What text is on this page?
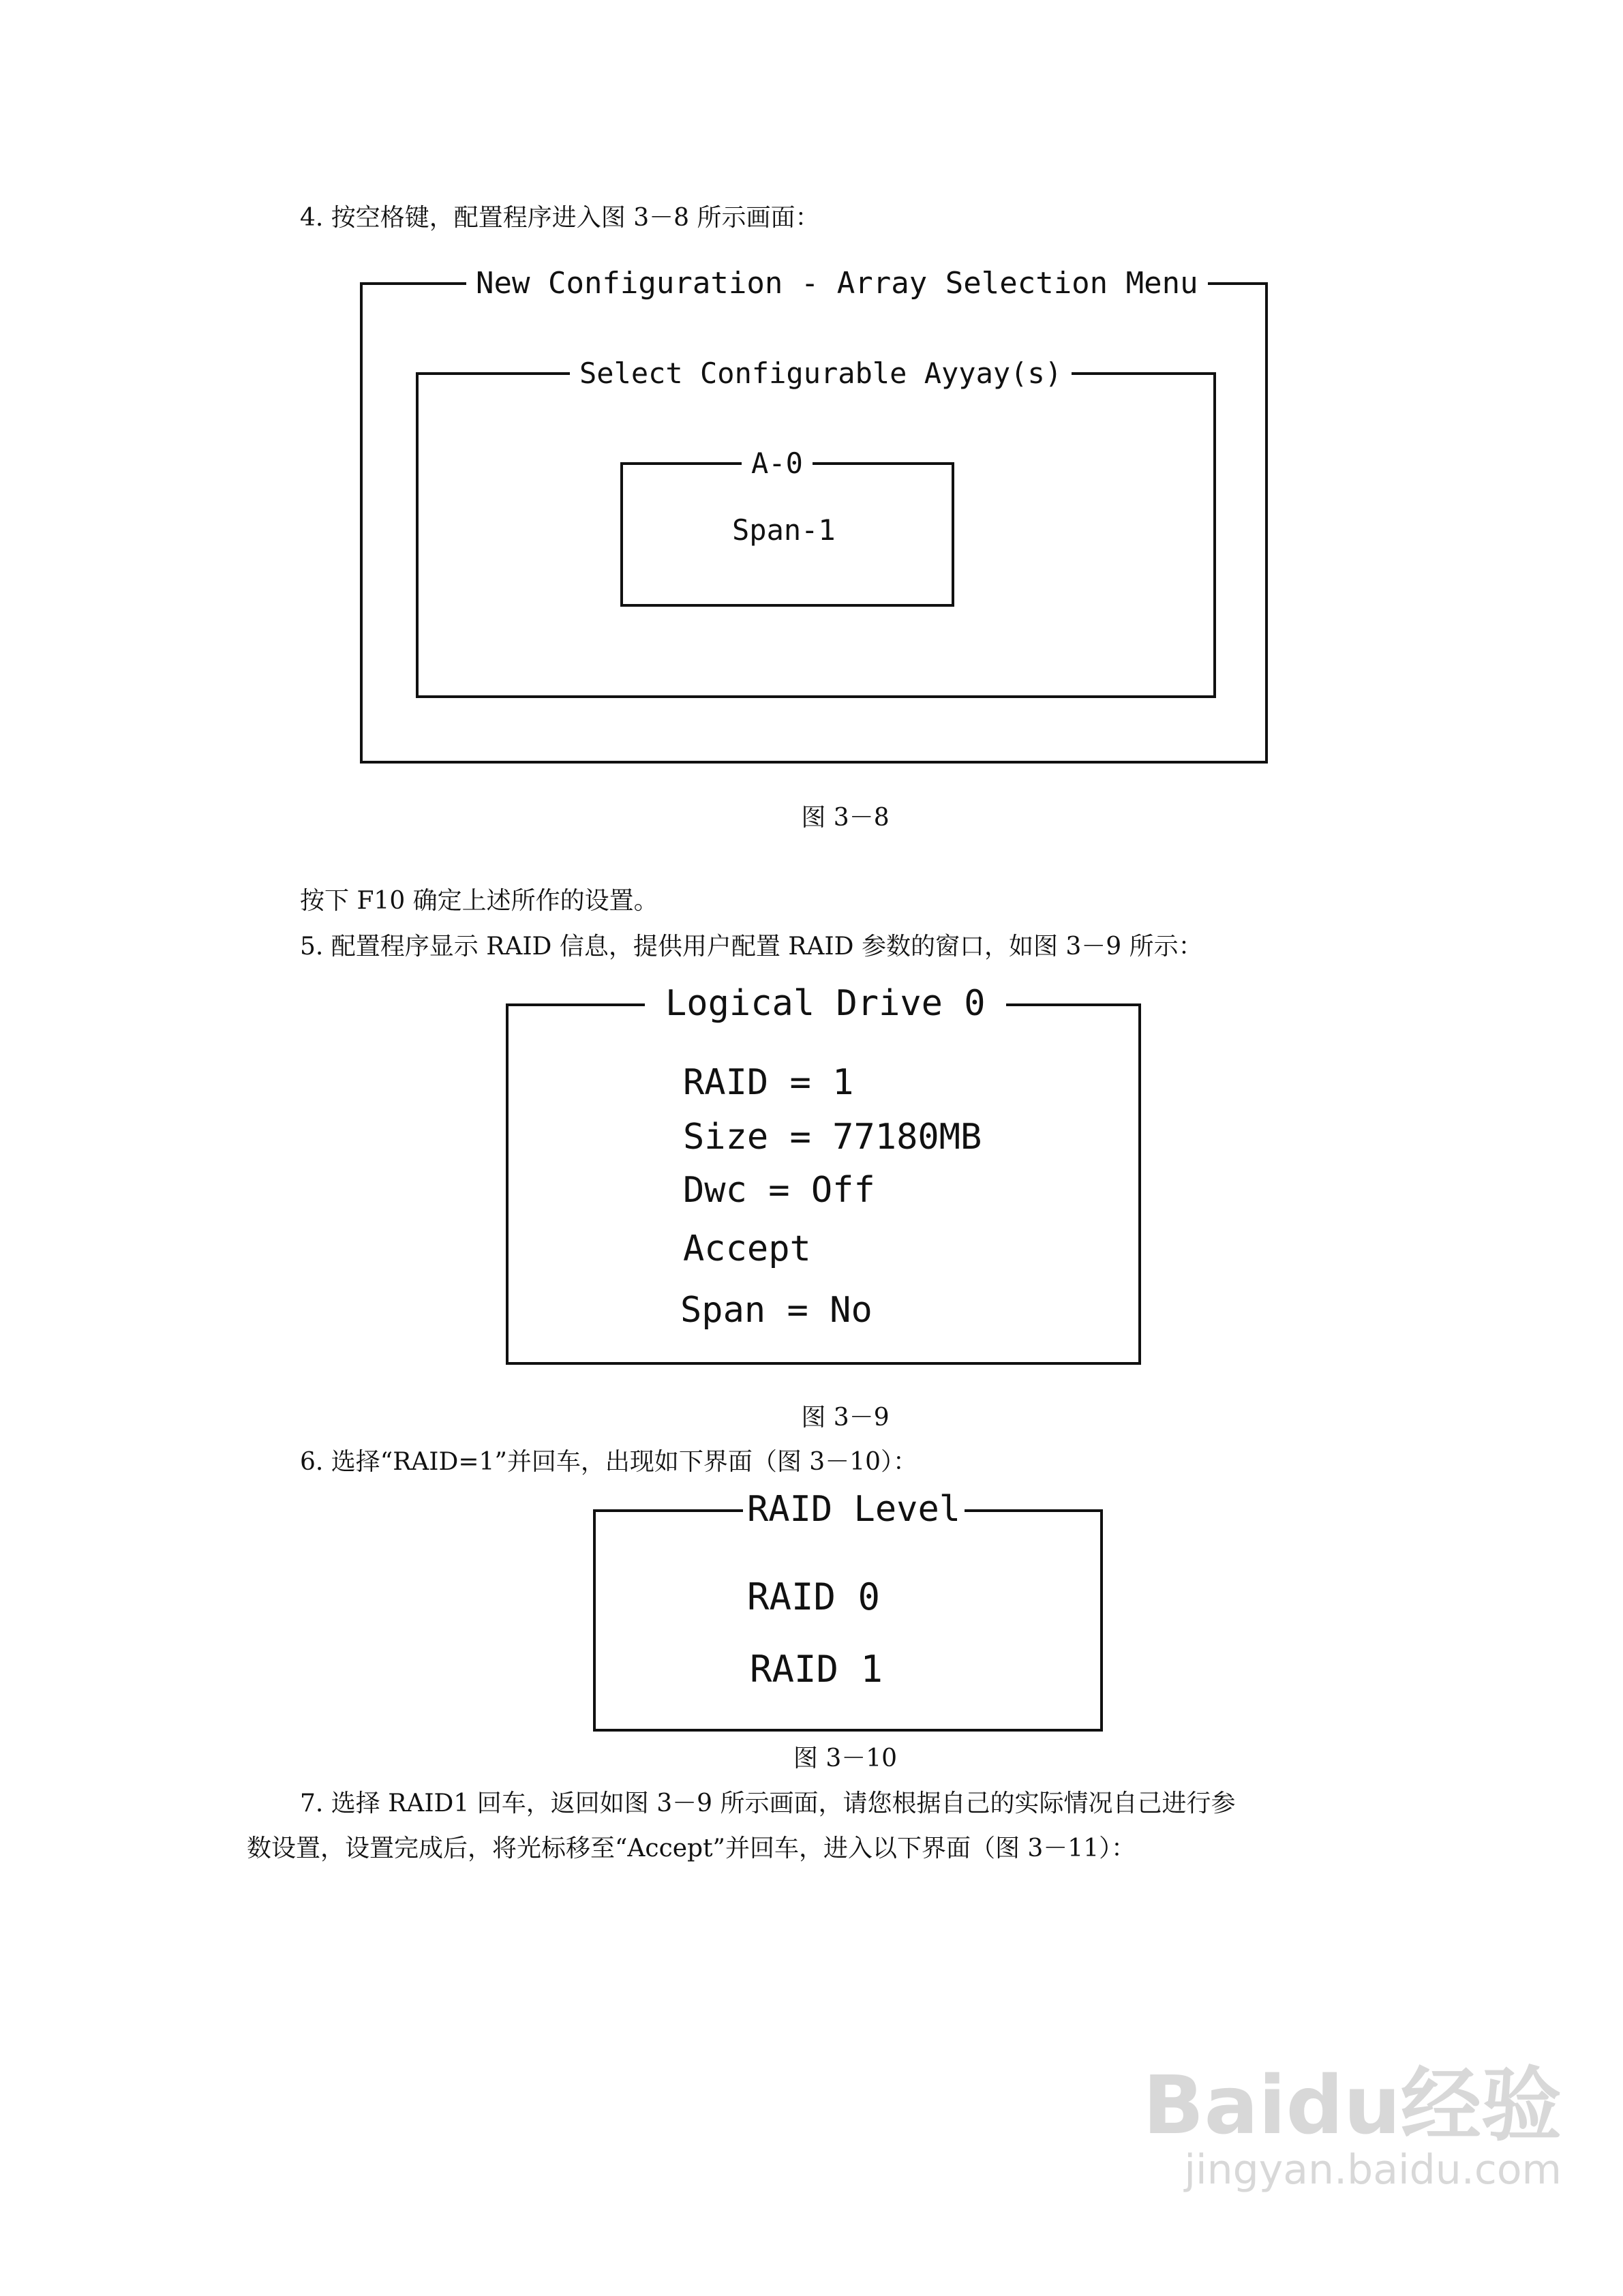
4. 按空格键，配置程序进入图 3－8 所示画面：
New Configuration - Array Selection Menu
Select Configurable Ayyay(s)
A-0
Span-1
图 3－8
按下 F10 确定上述所作的设置。
5. 配置程序显示 RAID 信息，提供用户配置 RAID 参数的窗口，如图 3－9 所示：
Logical Drive 0
RAID = 1
Size = 77180MB
Dwc = Off
Accept
Span = No
图 3－9
6. 选择“RAID=1”并回车，出现如下界面（图 3－10）：
RAID Level
RAID 0
RAID 1
图 3－10
7. 选择 RAID1 回车，返回如图 3－9 所示画面，请您根据自己的实际情况自己进行参
数设置，设置完成后，将光标移至“Accept”并回车，进入以下界面（图 3－11）：
Baidu经验
jingyan.baidu.com
